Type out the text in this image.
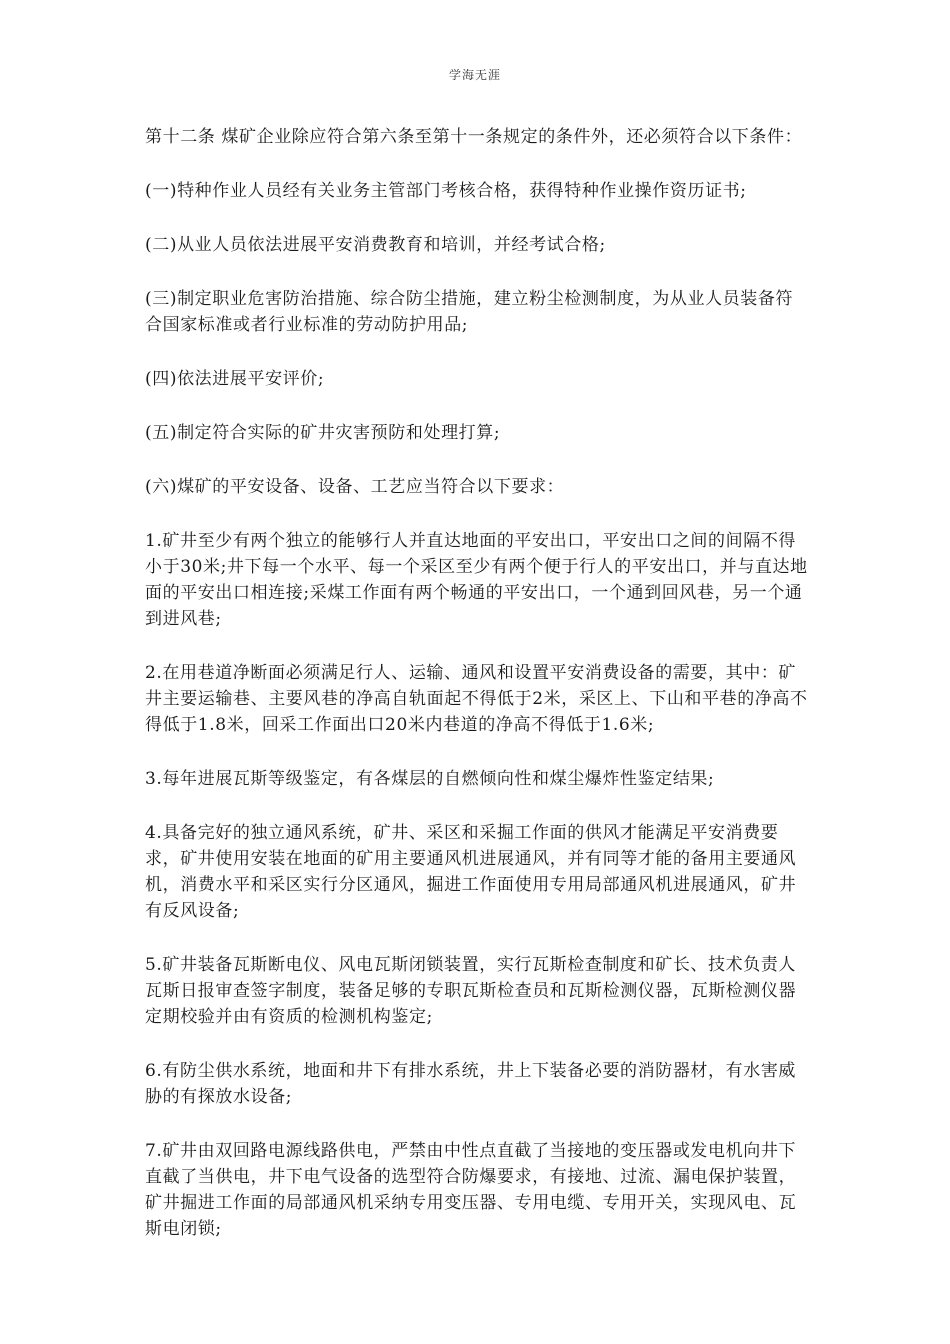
学海无涯

第十二条 煤矿企业除应符合第六条至第十一条规定的条件外，还必须符合以下条件：

(一)特种作业人员经有关业务主管部门考核合格，获得特种作业操作资历证书;

(二)从业人员依法进展平安消费教育和培训，并经考试合格;

(三)制定职业危害防治措施、综合防尘措施，建立粉尘检测制度，为从业人员装备符合国家标准或者行业标准的劳动防护用品;

(四)依法进展平安评价;

(五)制定符合实际的矿井灾害预防和处理打算;

(六)煤矿的平安设备、设备、工艺应当符合以下要求：

1.矿井至少有两个独立的能够行人并直达地面的平安出口，平安出口之间的间隔不得小于30米;井下每一个水平、每一个采区至少有两个便于行人的平安出口，并与直达地面的平安出口相连接;采煤工作面有两个畅通的平安出口，一个通到回风巷，另一个通到进风巷;

2.在用巷道净断面必须满足行人、运输、通风和设置平安消费设备的需要，其中：矿井主要运输巷、主要风巷的净高自轨面起不得低于2米，采区上、下山和平巷的净高不得低于1.8米，回采工作面出口20米内巷道的净高不得低于1.6米;

3.每年进展瓦斯等级鉴定，有各煤层的自燃倾向性和煤尘爆炸性鉴定结果;

4.具备完好的独立通风系统，矿井、采区和采掘工作面的供风才能满足平安消费要求，矿井使用安装在地面的矿用主要通风机进展通风，并有同等才能的备用主要通风机，消费水平和采区实行分区通风，掘进工作面使用专用局部通风机进展通风，矿井有反风设备;

5.矿井装备瓦斯断电仪、风电瓦斯闭锁装置，实行瓦斯检查制度和矿长、技术负责人瓦斯日报审查签字制度，装备足够的专职瓦斯检查员和瓦斯检测仪器，瓦斯检测仪器定期校验并由有资质的检测机构鉴定;

6.有防尘供水系统，地面和井下有排水系统，井上下装备必要的消防器材，有水害威胁的有探放水设备;

7.矿井由双回路电源线路供电，严禁由中性点直截了当接地的变压器或发电机向井下直截了当供电，井下电气设备的选型符合防爆要求，有接地、过流、漏电保护装置，矿井掘进工作面的局部通风机采纳专用变压器、专用电缆、专用开关，实现风电、瓦斯电闭锁;
